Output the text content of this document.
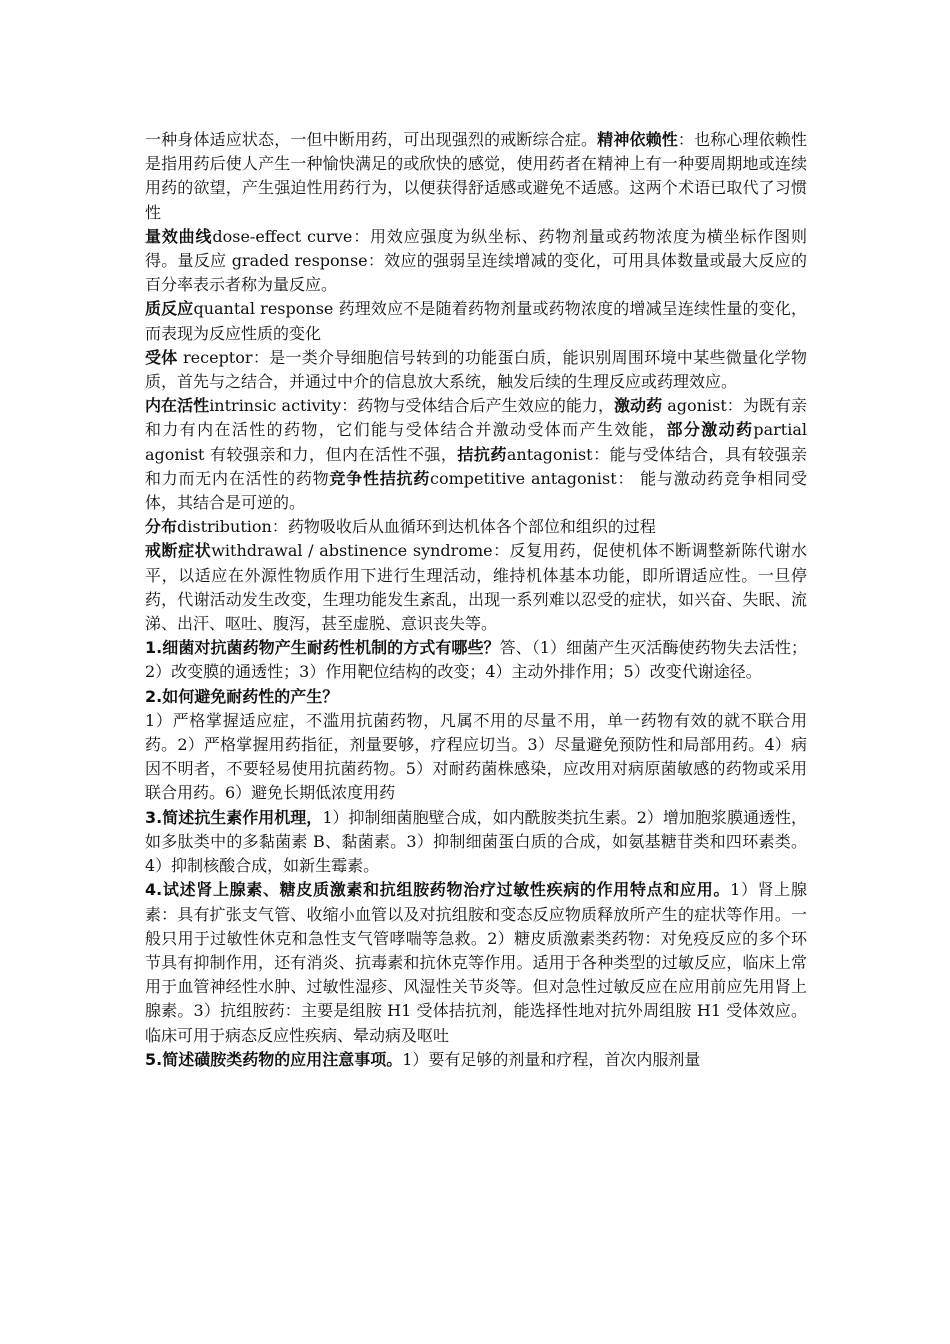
一种身体适应状态，一但中断用药，可出现强烈的戒断综合症。精神依赖性：也称心理依赖性是指用药后使人产生一种愉快满足的或欣快的感觉，使用药者在精神上有一种要周期地或连续用药的欲望，产生强迫性用药行为，以便获得舒适感或避免不适感。这两个术语已取代了习惯性

量效曲线dose-effect curve：用效应强度为纵坐标、药物剂量或药物浓度为横坐标作图则得。量反应 graded response：效应的强弱呈连续增减的变化，可用具体数量或最大反应的百分率表示者称为量反应。

质反应quantal response 药理效应不是随着药物剂量或药物浓度的增减呈连续性量的变化，而表现为反应性质的变化

受体 receptor：是一类介导细胞信号转到的功能蛋白质，能识别周围环境中某些微量化学物质，首先与之结合，并通过中介的信息放大系统，触发后续的生理反应或药理效应。

内在活性intrinsic activity：药物与受体结合后产生效应的能力，激动药 agonist：为既有亲和力有内在活性的药物，它们能与受体结合并激动受体而产生效能，部分激动药partial agonist 有较强亲和力，但内在活性不强，拮抗药antagonist：能与受体结合，具有较强亲和力而无内在活性的药物竞争性拮抗药competitive antagonist： 能与激动药竞争相同受体，其结合是可逆的。

分布distribution：药物吸收后从血循环到达机体各个部位和组织的过程

戒断症状withdrawal / abstinence syndrome：反复用药，促使机体不断调整新陈代谢水平，以适应在外源性物质作用下进行生理活动，维持机体基本功能，即所谓适应性。一旦停药，代谢活动发生改变，生理功能发生紊乱，出现一系列难以忍受的症状，如兴奋、失眠、流涕、出汗、呕吐、腹泻，甚至虚脱、意识丧失等。

1.细菌对抗菌药物产生耐药性机制的方式有哪些？答、（1）细菌产生灭活酶使药物失去活性；2）改变膜的通透性；3）作用靶位结构的改变；4）主动外排作用；5）改变代谢途径。

2.如何避免耐药性的产生？

1）严格掌握适应症，不滥用抗菌药物，凡属不用的尽量不用，单一药物有效的就不联合用药。2）严格掌握用药指征，剂量要够，疗程应切当。3）尽量避免预防性和局部用药。4）病因不明者，不要轻易使用抗菌药物。5）对耐药菌株感染，应改用对病原菌敏感的药物或采用联合用药。6）避免长期低浓度用药

3.简述抗生素作用机理，1）抑制细菌胞壁合成，如内酰胺类抗生素。2）增加胞浆膜通透性，如多肽类中的多黏菌素 B、黏菌素。3）抑制细菌蛋白质的合成，如氨基糖苷类和四环素类。4）抑制核酸合成，如新生霉素。

4.试述肾上腺素、糖皮质激素和抗组胺药物治疗过敏性疾病的作用特点和应用。1）肾上腺素：具有扩张支气管、收缩小血管以及对抗组胺和变态反应物质释放所产生的症状等作用。一般只用于过敏性休克和急性支气管哮喘等急救。2）糖皮质激素类药物：对免疫反应的多个环节具有抑制作用，还有消炎、抗毒素和抗休克等作用。适用于各种类型的过敏反应，临床上常用于血管神经性水肿、过敏性湿疹、风湿性关节炎等。但对急性过敏反应在应用前应先用肾上腺素。3）抗组胺药：主要是组胺 H1 受体拮抗剂，能选择性地对抗外周组胺 H1 受体效应。临床可用于病态反应性疾病、晕动病及呕吐

5.简述磺胺类药物的应用注意事项。1）要有足够的剂量和疗程，首次内服剂量
